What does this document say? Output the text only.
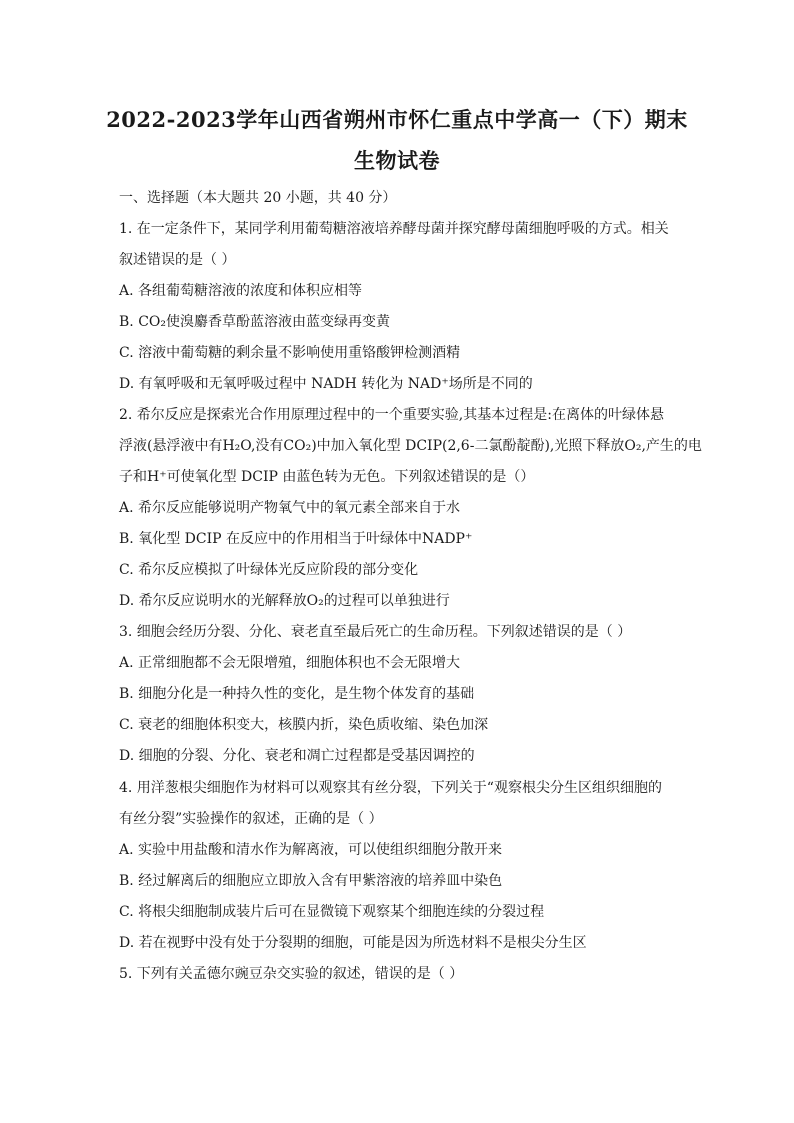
2022-2023学年山西省朔州市怀仁重点中学高一（下）期末
生物试卷
一、选择题（本大题共 20 小题，共 40 分）
1. 在一定条件下，某同学利用葡萄糖溶液培养酵母菌并探究酵母菌细胞呼吸的方式。相关
叙述错误的是（ ）
A. 各组葡萄糖溶液的浓度和体积应相等
B. CO₂使溴麝香草酚蓝溶液由蓝变绿再变黄
C. 溶液中葡萄糖的剩余量不影响使用重铬酸钾检测酒精
D. 有氧呼吸和无氧呼吸过程中 NADH 转化为 NAD⁺场所是不同的
2. 希尔反应是探索光合作用原理过程中的一个重要实验,其基本过程是:在离体的叶绿体悬
浮液(悬浮液中有H₂O,没有CO₂)中加入氧化型 DCIP(2,6-二氯酚靛酚),光照下释放O₂,产生的电
子和H⁺可使氧化型 DCIP 由蓝色转为无色。下列叙述错误的是（）
A. 希尔反应能够说明产物氧气中的氧元素全部来自于水
B. 氧化型 DCIP 在反应中的作用相当于叶绿体中NADP⁺
C. 希尔反应模拟了叶绿体光反应阶段的部分变化
D. 希尔反应说明水的光解释放O₂的过程可以单独进行
3. 细胞会经历分裂、分化、衰老直至最后死亡的生命历程。下列叙述错误的是（ ）
A. 正常细胞都不会无限增殖，细胞体积也不会无限增大
B. 细胞分化是一种持久性的变化，是生物个体发育的基础
C. 衰老的细胞体积变大，核膜内折，染色质收缩、染色加深
D. 细胞的分裂、分化、衰老和凋亡过程都是受基因调控的
4. 用洋葱根尖细胞作为材料可以观察其有丝分裂，下列关于“观察根尖分生区组织细胞的
有丝分裂”实验操作的叙述，正确的是（ ）
A. 实验中用盐酸和清水作为解离液，可以使组织细胞分散开来
B. 经过解离后的细胞应立即放入含有甲紫溶液的培养皿中染色
C. 将根尖细胞制成装片后可在显微镜下观察某个细胞连续的分裂过程
D. 若在视野中没有处于分裂期的细胞，可能是因为所选材料不是根尖分生区
5. 下列有关孟德尔豌豆杂交实验的叙述，错误的是（ ）
